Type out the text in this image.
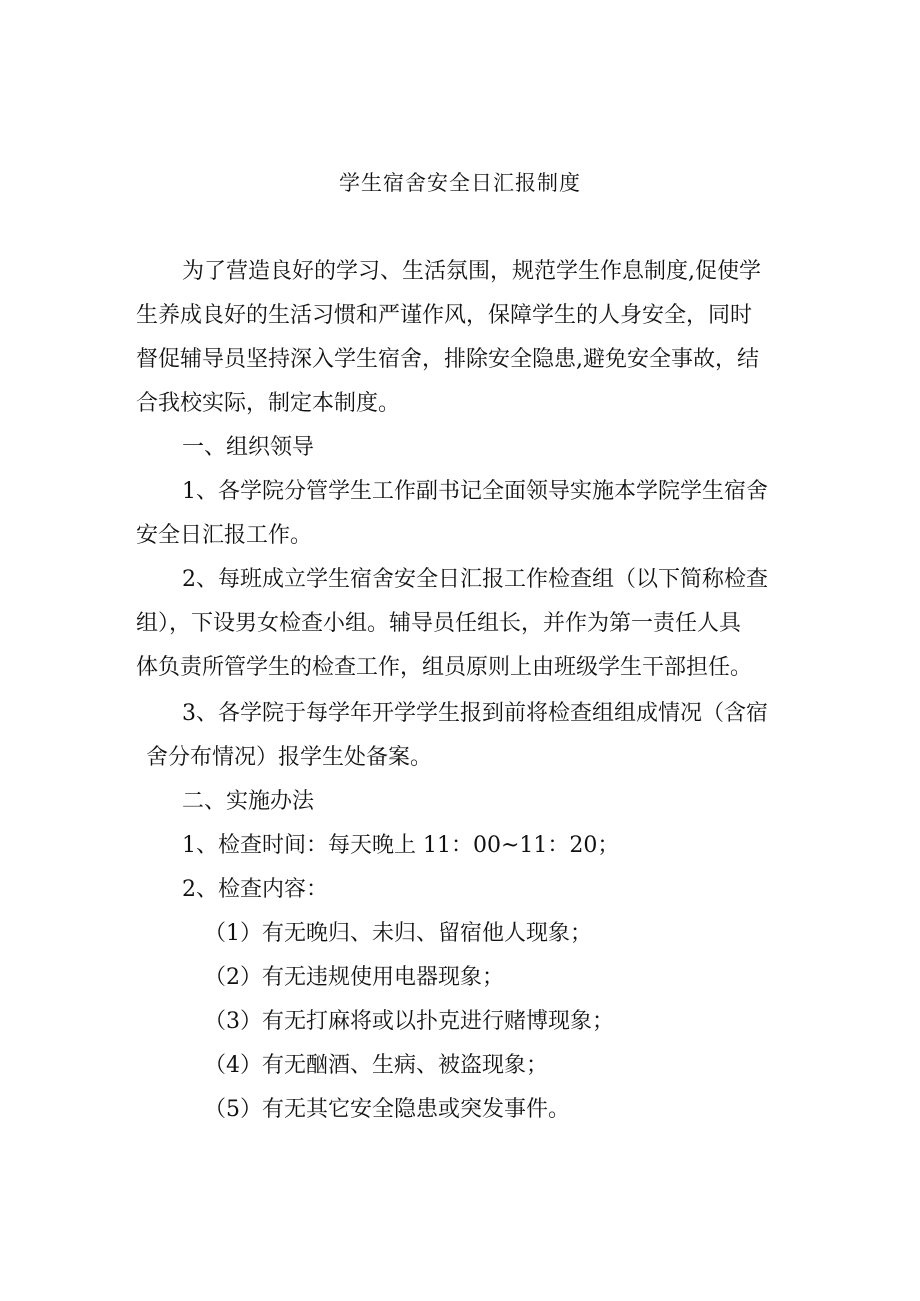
学生宿舍安全日汇报制度
为了营造良好的学习、生活氛围，规范学生作息制度,促使学
生养成良好的生活习惯和严谨作风，保障学生的人身安全，同时
督促辅导员坚持深入学生宿舍，排除安全隐患,避免安全事故，结
合我校实际，制定本制度。
一、组织领导
1、各学院分管学生工作副书记全面领导实施本学院学生宿舍
安全日汇报工作。
2、每班成立学生宿舍安全日汇报工作检查组（以下简称检查
组），下设男女检查小组。辅导员任组长，并作为第一责任人具
体负责所管学生的检查工作，组员原则上由班级学生干部担任。
3、各学院于每学年开学学生报到前将检查组组成情况（含宿
舍分布情况）报学生处备案。
二、实施办法
1、检查时间：每天晚上 11：00~11：20；
2、检查内容：
（1）有无晚归、未归、留宿他人现象；
（2）有无违规使用电器现象；
（3）有无打麻将或以扑克进行赌博现象；
（4）有无酗酒、生病、被盗现象；
（5）有无其它安全隐患或突发事件。
